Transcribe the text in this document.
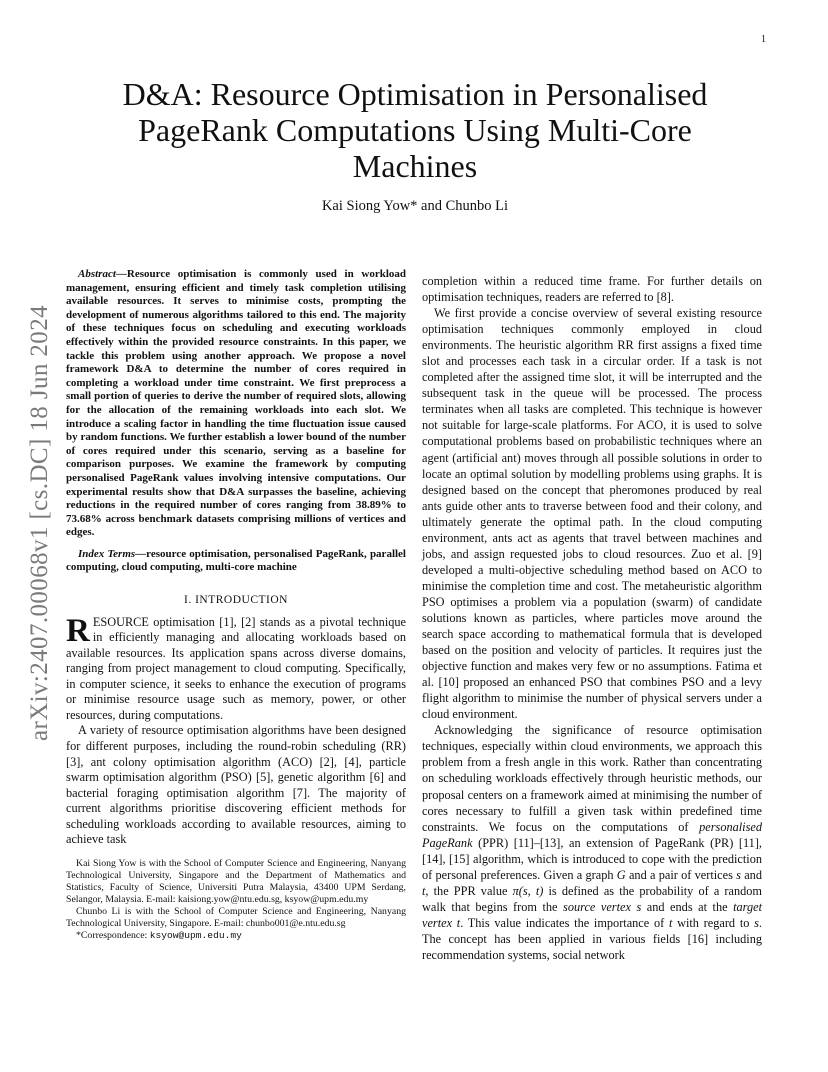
1
arXiv:2407.00068v1 [cs.DC] 18 Jun 2024
D&A: Resource Optimisation in Personalised PageRank Computations Using Multi-Core Machines
Kai Siong Yow* and Chunbo Li

Abstract—Resource optimisation is commonly used in workload management, ensuring efficient and timely task completion utilising available resources. It serves to minimise costs, prompting the development of numerous algorithms tailored to this end. The majority of these techniques focus on scheduling and executing workloads effectively within the provided resource constraints. In this paper, we tackle this problem using another approach. We propose a novel framework D&A to determine the number of cores required in completing a workload under time constraint. We first preprocess a small portion of queries to derive the number of required slots, allowing for the allocation of the remaining workloads into each slot. We introduce a scaling factor in handling the time fluctuation issue caused by random functions. We further establish a lower bound of the number of cores required under this scenario, serving as a baseline for comparison purposes. We examine the framework by computing personalised PageRank values involving intensive computations. Our experimental results show that D&A surpasses the baseline, achieving reductions in the required number of cores ranging from 38.89% to 73.68% across benchmark datasets comprising millions of vertices and edges.

Index Terms—resource optimisation, personalised PageRank, parallel computing, cloud computing, multi-core machine

I. INTRODUCTION

RESOURCE optimisation [1], [2] stands as a pivotal technique in efficiently managing and allocating workloads based on available resources. Its application spans across diverse domains, ranging from project management to cloud computing. Specifically, in computer science, it seeks to enhance the execution of programs or minimise resource usage such as memory, power, or other resources, during computations.

A variety of resource optimisation algorithms have been designed for different purposes, including the round-robin scheduling (RR) [3], ant colony optimisation algorithm (ACO) [2], [4], particle swarm optimisation algorithm (PSO) [5], genetic algorithm [6] and bacterial foraging optimisation algorithm [7]. The majority of current algorithms prioritise discovering efficient methods for scheduling workloads according to available resources, aiming to achieve task

Kai Siong Yow is with the School of Computer Science and Engineering, Nanyang Technological University, Singapore and the Department of Mathematics and Statistics, Faculty of Science, Universiti Putra Malaysia, 43400 UPM Serdang, Selangor, Malaysia. E-mail: kaisiong.yow@ntu.edu.sg, ksyow@upm.edu.my

Chunbo Li is with the School of Computer Science and Engineering, Nanyang Technological University, Singapore. E-mail: chunbo001@e.ntu.edu.sg

*Correspondence: ksyow@upm.edu.my

completion within a reduced time frame. For further details on optimisation techniques, readers are referred to [8].

We first provide a concise overview of several existing resource optimisation techniques commonly employed in cloud environments. The heuristic algorithm RR first assigns a fixed time slot and processes each task in a circular order. If a task is not completed after the assigned time slot, it will be interrupted and the subsequent task in the queue will be processed. The process terminates when all tasks are completed. This technique is however not suitable for large-scale platforms. For ACO, it is used to solve computational problems based on probabilistic techniques where an agent (artificial ant) moves through all possible solutions in order to locate an optimal solution by modelling problems using graphs. It is designed based on the concept that pheromones produced by real ants guide other ants to traverse between food and their colony, and ultimately generate the optimal path. In the cloud computing environment, ants act as agents that travel between machines and jobs, and assign requested jobs to cloud resources. Zuo et al. [9] developed a multi-objective scheduling method based on ACO to minimise the completion time and cost. The metaheuristic algorithm PSO optimises a problem via a population (swarm) of candidate solutions known as particles, where particles move around the search space according to mathematical formula that is developed based on the position and velocity of particles. It requires just the objective function and makes very few or no assumptions. Fatima et al. [10] proposed an enhanced PSO that combines PSO and a levy flight algorithm to minimise the number of physical servers under a cloud environment.

Acknowledging the significance of resource optimisation techniques, especially within cloud environments, we approach this problem from a fresh angle in this work. Rather than concentrating on scheduling workloads effectively through heuristic methods, our proposal centers on a framework aimed at minimising the number of cores necessary to fulfill a given task within predefined time constraints. We focus on the computations of personalised PageRank (PPR) [11]–[13], an extension of PageRank (PR) [11], [14], [15] algorithm, which is introduced to cope with the prediction of personal preferences. Given a graph G and a pair of vertices s and t, the PPR value π(s, t) is defined as the probability of a random walk that begins from the source vertex s and ends at the target vertex t. This value indicates the importance of t with regard to s. The concept has been applied in various fields [16] including recommendation systems, social network
